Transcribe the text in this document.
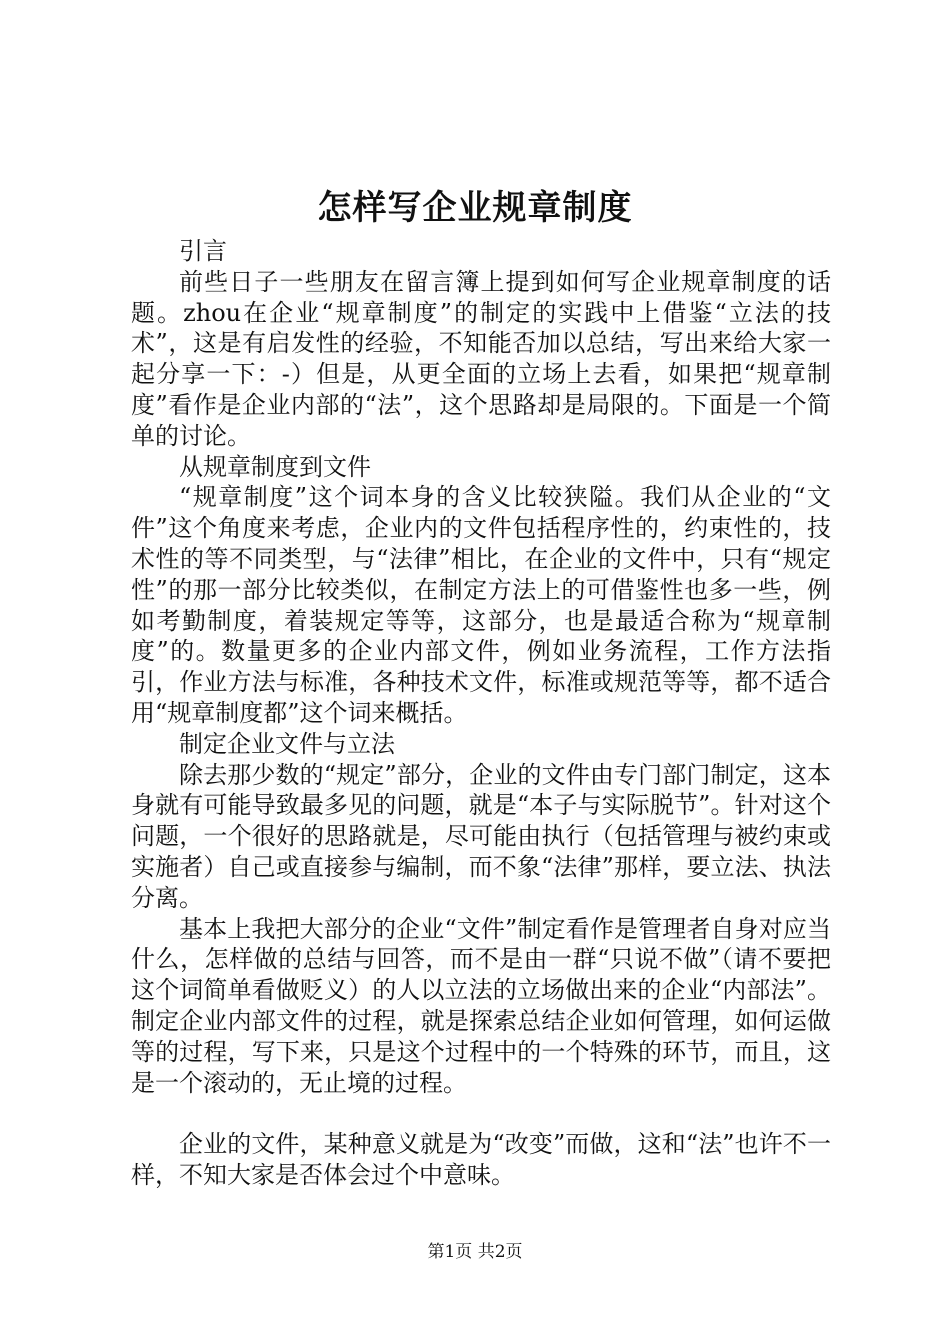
怎样写企业规章制度

引言

前些日子一些朋友在留言簿上提到如何写企业规章制度的话题。zhou在企业“规章制度”的制定的实践中上借鉴“立法的技术”，这是有启发性的经验，不知能否加以总结，写出来给大家一起分享一下：-）但是，从更全面的立场上去看，如果把“规章制度”看作是企业内部的“法”，这个思路却是局限的。下面是一个简单的讨论。

从规章制度到文件

“规章制度”这个词本身的含义比较狭隘。我们从企业的“文件”这个角度来考虑，企业内的文件包括程序性的，约束性的，技术性的等不同类型，与“法律”相比，在企业的文件中，只有“规定性”的那一部分比较类似，在制定方法上的可借鉴性也多一些，例如考勤制度，着装规定等等，这部分，也是最适合称为“规章制度”的。数量更多的企业内部文件，例如业务流程，工作方法指引，作业方法与标准，各种技术文件，标准或规范等等，都不适合用“规章制度都”这个词来概括。

制定企业文件与立法

除去那少数的“规定”部分，企业的文件由专门部门制定，这本身就有可能导致最多见的问题，就是“本子与实际脱节”。针对这个问题，一个很好的思路就是，尽可能由执行（包括管理与被约束或实施者）自己或直接参与编制，而不象“法律”那样，要立法、执法分离。

基本上我把大部分的企业“文件”制定看作是管理者自身对应当什么，怎样做的总结与回答，而不是由一群“只说不做”（请不要把这个词简单看做贬义）的人以立法的立场做出来的企业“内部法”。制定企业内部文件的过程，就是探索总结企业如何管理，如何运做等的过程，写下来，只是这个过程中的一个特殊的环节，而且，这是一个滚动的，无止境的过程。

企业的文件，某种意义就是为“改变”而做，这和“法”也许不一样，不知大家是否体会过个中意味。

第1页 共2页
